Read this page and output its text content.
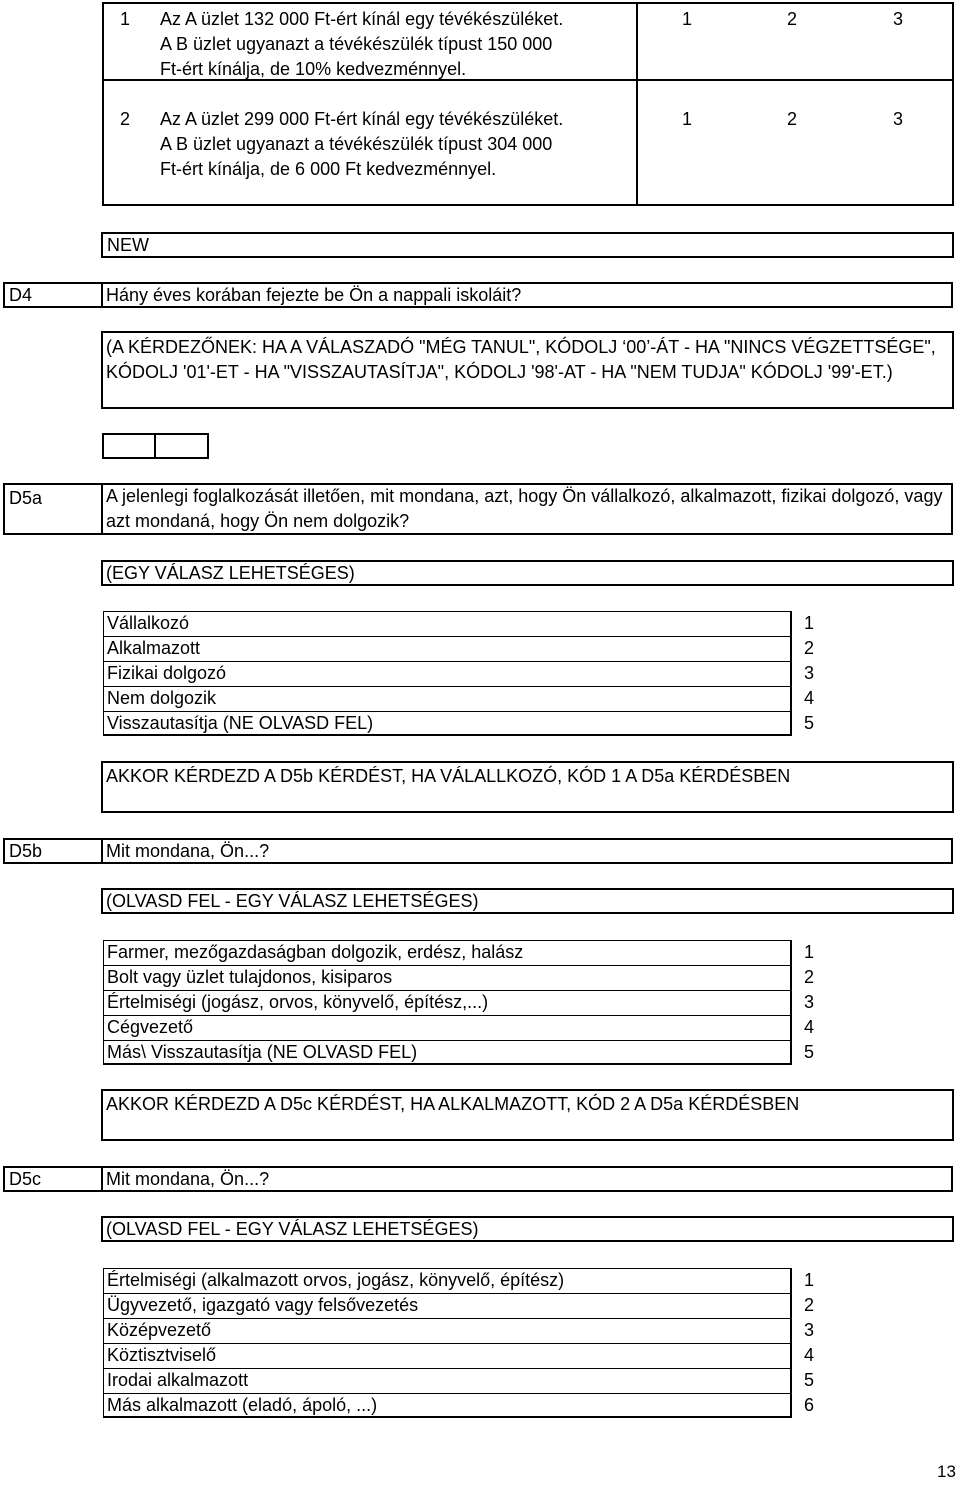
1 Az A üzlet 132 000 Ft-ért kínál egy tévékészüléket.
A B üzlet ugyanazt a tévékészülék típust 150 000
Ft-ért kínálja, de 10% kedvezménnyel.
1	2	3
2 Az A üzlet 299 000 Ft-ért kínál egy tévékészüléket.
A B üzlet ugyanazt a tévékészülék típust 304 000
Ft-ért kínálja, de 6 000 Ft kedvezménnyel.
1	2	3
NEW
D4	Hány éves korában fejezte be Ön a nappali iskoláit?
(A KÉRDEZŐNEK: HA A VÁLASZADÓ "MÉG TANUL", KÓDOLJ ‘00’-ÁT - HA "NINCS VÉGZETTSÉGE", KÓDOLJ '01'-ET - HA "VISSZAUTASÍTJA", KÓDOLJ '98'-AT - HA "NEM TUDJA" KÓDOLJ '99'-ET.)
D5a	A jelenlegi foglalkozását illetően, mit mondana, azt, hogy Ön vállalkozó, alkalmazott, fizikai dolgozó, vagy azt mondaná, hogy Ön nem dolgozik?
(EGY VÁLASZ LEHETSÉGES)
Vállalkozó	1
Alkalmazott	2
Fizikai dolgozó	3
Nem dolgozik	4
Visszautasítja (NE OLVASD FEL)	5
AKKOR KÉRDEZD A D5b KÉRDÉST, HA VÁLALLKOZÓ, KÓD 1 A D5a KÉRDÉSBEN
D5b	Mit mondana, Ön...?
(OLVASD FEL - EGY VÁLASZ LEHETSÉGES)
Farmer, mezőgazdaságban dolgozik, erdész, halász	1
Bolt vagy üzlet tulajdonos, kisiparos	2
Értelmiségi (jogász, orvos, könyvelő, építész,...)	3
Cégvezető	4
Más\ Visszautasítja (NE OLVASD FEL)	5
AKKOR KÉRDEZD A D5c KÉRDÉST, HA ALKALMAZOTT, KÓD 2 A D5a KÉRDÉSBEN
D5c	Mit mondana, Ön...?
(OLVASD FEL - EGY VÁLASZ LEHETSÉGES)
Értelmiségi (alkalmazott orvos, jogász, könyvelő, építész)	1
Ügyvezető, igazgató vagy felsővezetés	2
Középvezető	3
Köztisztviselő	4
Irodai alkalmazott	5
Más alkalmazott (eladó, ápoló, ...)	6
13
